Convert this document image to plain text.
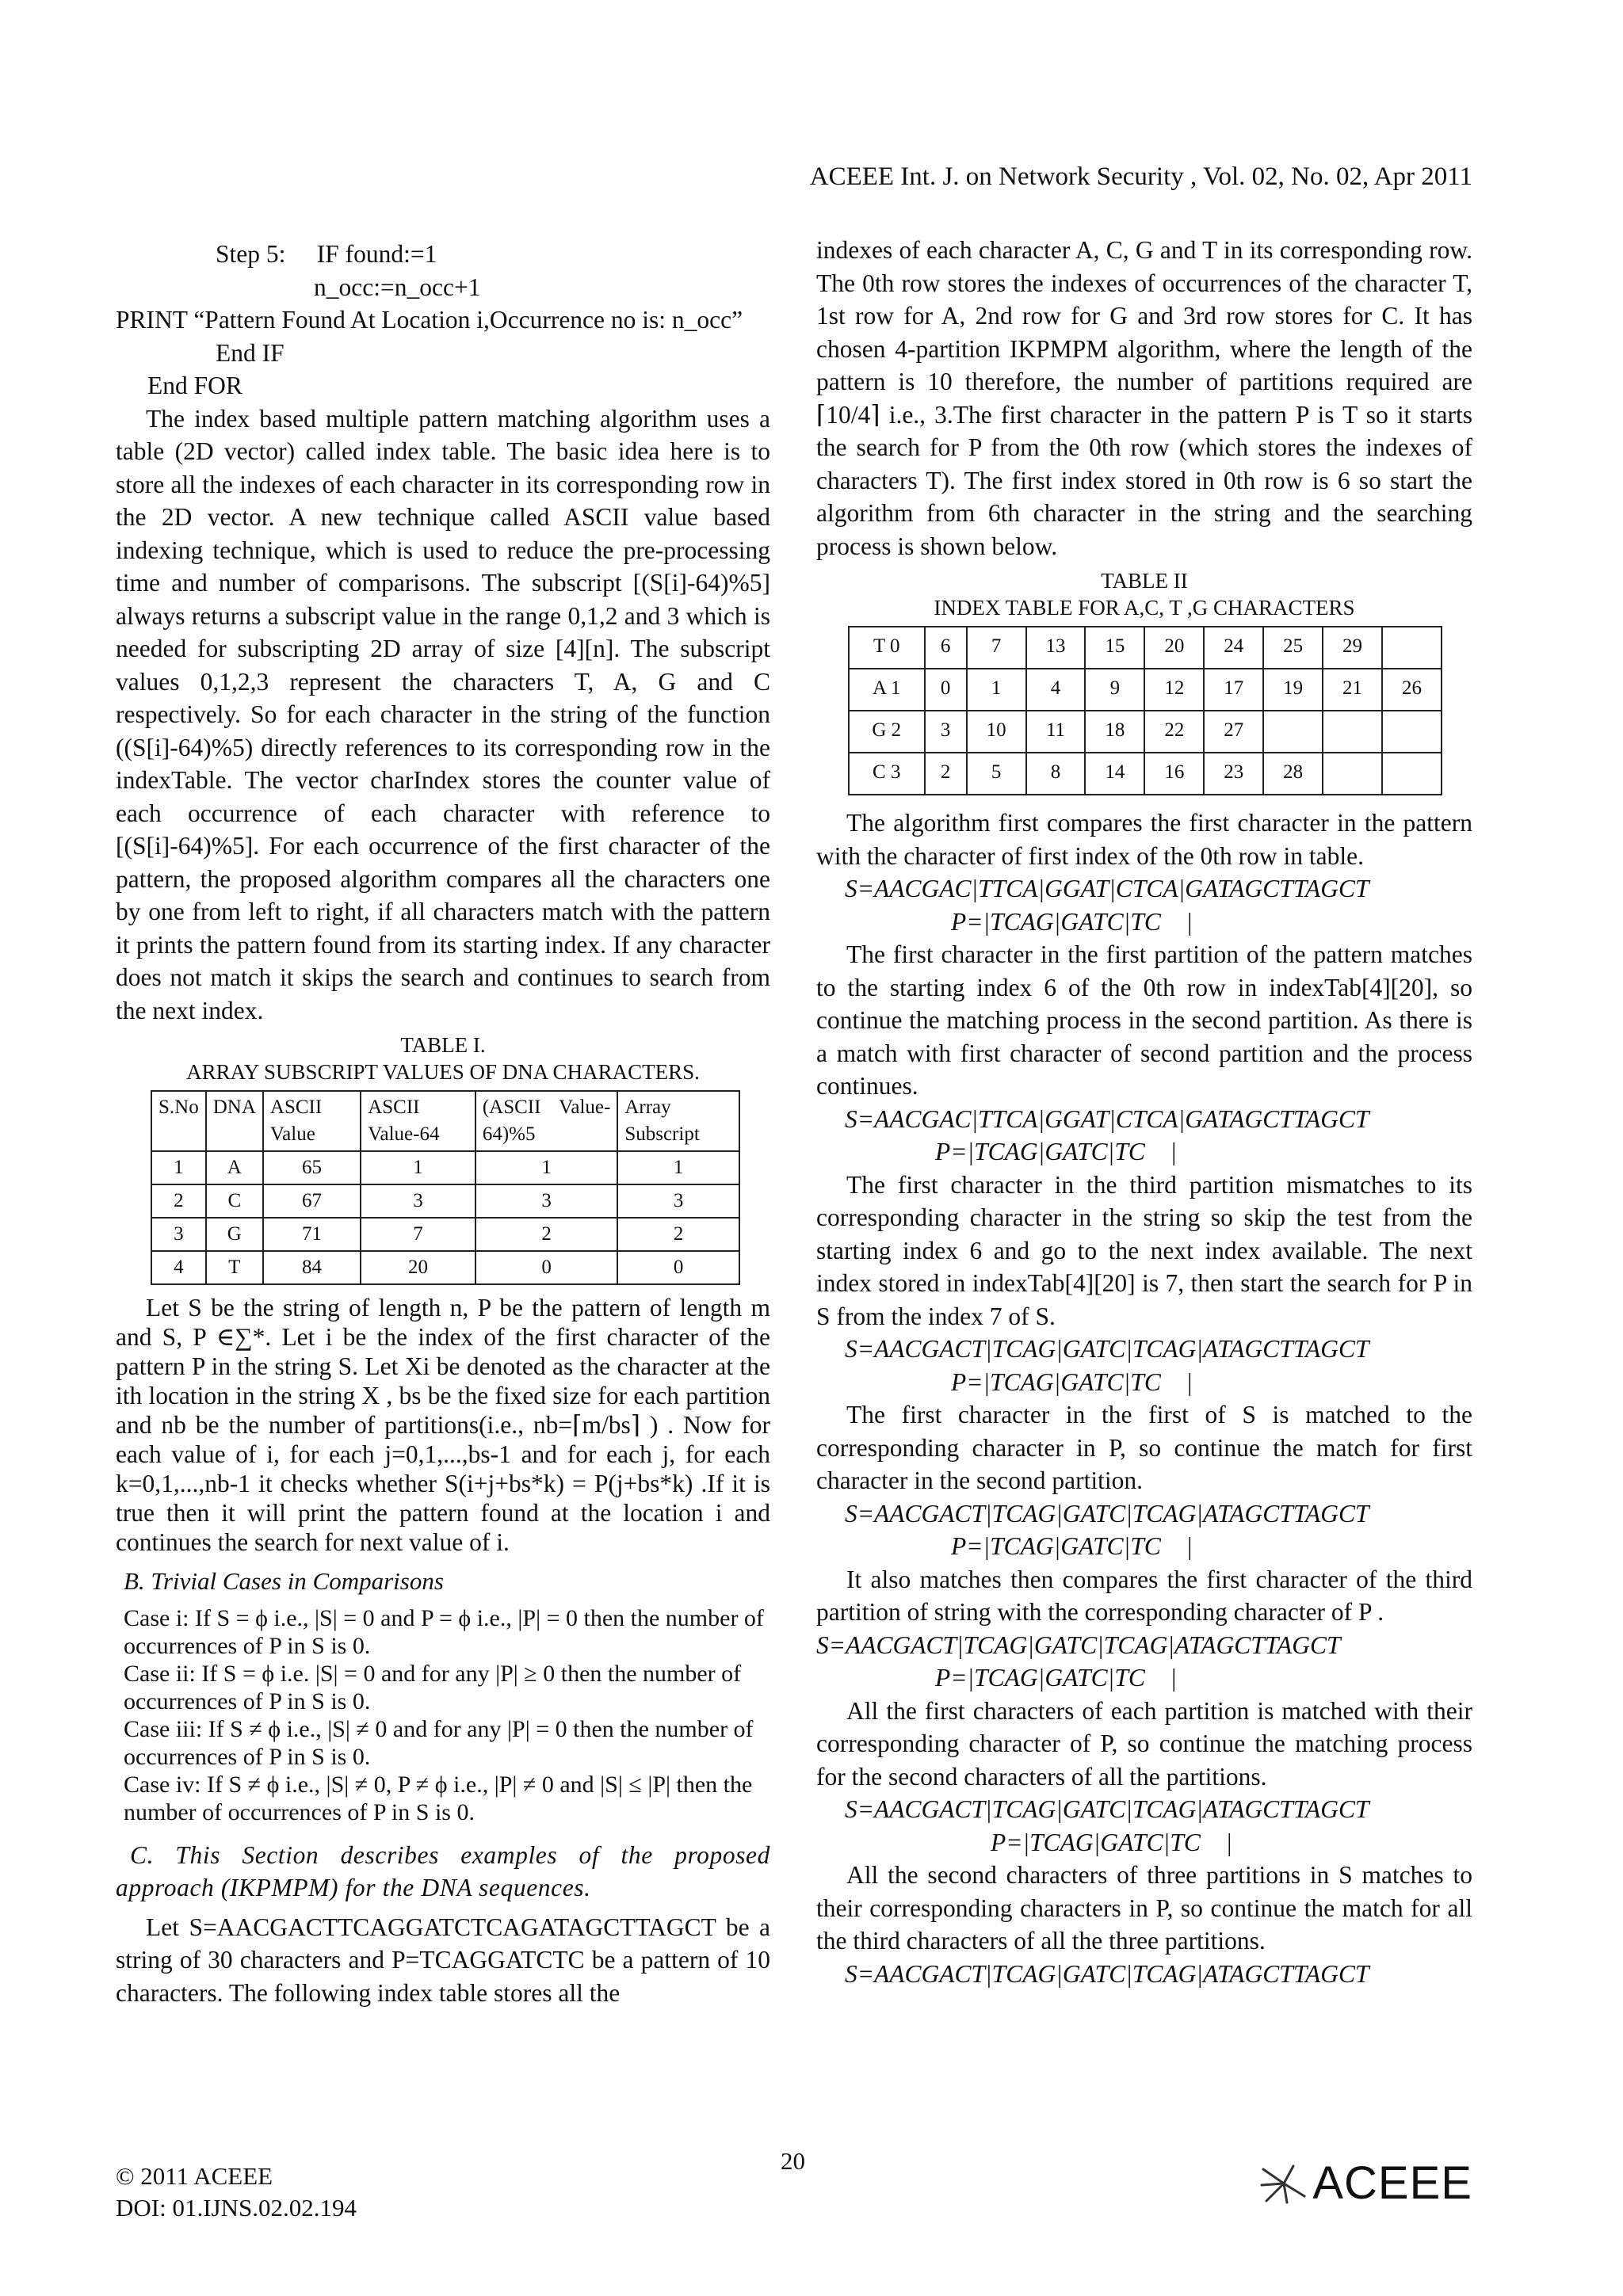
ACEEE Int. J. on Network Security , Vol. 02, No. 02, Apr 2011

Step 5:     IF found:=1

n_occ:=n_occ+1

PRINT “Pattern Found At Location i,Occurrence no is: n_occ”

End IF

End FOR

The index based multiple pattern matching algorithm uses a table (2D vector) called index table. The basic idea here is to store all the indexes of each character in its corresponding row in the 2D vector. A new technique called ASCII value based indexing technique, which is used to reduce the pre-processing time and number of comparisons. The subscript [(S[i]-64)%5] always returns a subscript value in the range 0,1,2 and 3 which is needed for subscripting 2D array of size [4][n]. The subscript values 0,1,2,3 represent the characters T, A, G and C respectively. So for each character in the string of the function ((S[i]-64)%5) directly references to its corresponding row in the indexTable. The vector charIndex stores the counter value of each occurrence of each character with reference to [(S[i]-64)%5]. For each occurrence of the first character of the pattern, the proposed algorithm compares all the characters one by one from left to right, if all characters match with the pattern it prints the pattern found from its starting index. If any character does not match it skips the search and continues to search from the next index.

TABLE I.
ARRAY SUBSCRIPT VALUES OF DNA CHARACTERS.
S.No	DNA	ASCII Value	ASCII Value-64	(ASCII Value-64)%5	Array Subscript
1	A	65	1	1	1
2	C	67	3	3	3
3	G	71	7	2	2
4	T	84	20	0	0

Let S be the string of length n, P be the pattern of length m and S, P ∈∑*. Let i be the index of the first character of the pattern P in the string S. Let Xi be denoted as the character at the ith location in the string X , bs be the fixed size for each partition and nb be the number of partitions(i.e., nb=⌈m/bs⌉ ) . Now for each value of i, for each j=0,1,...,bs-1 and for each j, for each k=0,1,...,nb-1 it checks whether S(i+j+bs*k) = P(j+bs*k) .If it is true then it will print the pattern found at the location i and continues the search for next value of i.

B. Trivial Cases in Comparisons

Case i: If S = ϕ i.e., |S| = 0 and P = ϕ i.e., |P| = 0 then the number of occurrences of P in S is 0.

Case ii: If S = ϕ i.e. |S| = 0 and for any |P| ≥ 0 then the number of occurrences of P in S is 0.

Case iii: If S ≠ ϕ i.e., |S| ≠ 0 and for any |P| = 0 then the number of occurrences of P in S is 0.

Case iv: If S ≠ ϕ i.e., |S| ≠ 0, P ≠ ϕ i.e., |P| ≠ 0 and |S| ≤ |P| then the number of occurrences of P in S is 0.

C. This Section describes examples of the proposed approach (IKPMPM) for the DNA sequences.

Let S=AACGACTTCAGGATCTCAGATAGCTTAGCT be a string of 30 characters and P=TCAGGATCTC be a pattern of 10 characters. The following index table stores all the

indexes of each character A, C, G and T in its corresponding row. The 0th row stores the indexes of occurrences of the character T, 1st row for A, 2nd row for G and 3rd row stores for C. It has chosen 4-partition IKPMPM algorithm, where the length of the pattern is 10 therefore, the number of partitions required are ⌈10/4⌉ i.e., 3.The first character in the pattern P is T so it starts the search for P from the 0th row (which stores the indexes of characters T). The first index stored in 0th row is 6 so start the algorithm from 6th character in the string and the searching process is shown below.

TABLE II
INDEX TABLE FOR A,C, T ,G CHARACTERS
T 0	6	7	13	15	20	24	25	29	
A 1	0	1	4	9	12	17	19	21	26
G 2	3	10	11	18	22	27			
C 3	2	5	8	14	16	23	28		

The algorithm first compares the first character in the pattern with the character of first index of the 0th row in table.

S=AACGAC|TTCA|GGAT|CTCA|GATAGCTTAGCT

P=|TCAG|GATC|TC    |

The first character in the first partition of the pattern matches to the starting index 6 of the 0th row in indexTab[4][20], so continue the matching process in the second partition. As there is a match with first character of second partition and the process continues.

S=AACGAC|TTCA|GGAT|CTCA|GATAGCTTAGCT

P=|TCAG|GATC|TC    |

The first character in the third partition mismatches to its corresponding character in the string so skip the test from the starting index 6 and go to the next index available. The next index stored in indexTab[4][20] is 7, then start the search for P in S from the index 7 of S.

S=AACGACT|TCAG|GATC|TCAG|ATAGCTTAGCT

P=|TCAG|GATC|TC    |

The first character in the first of S is matched to the corresponding character in P, so continue the match for first character in the second partition.

S=AACGACT|TCAG|GATC|TCAG|ATAGCTTAGCT

P=|TCAG|GATC|TC    |

It also matches then compares the first character of the third partition of string with the corresponding character of P .

S=AACGACT|TCAG|GATC|TCAG|ATAGCTTAGCT

P=|TCAG|GATC|TC    |

All the first characters of each partition is matched with their corresponding character of P, so continue the matching process for the second characters of all the partitions.

S=AACGACT|TCAG|GATC|TCAG|ATAGCTTAGCT

P=|TCAG|GATC|TC    |

All the second characters of three partitions in S matches to their corresponding characters in P, so continue the match for all the third characters of all the three partitions.

S=AACGACT|TCAG|GATC|TCAG|ATAGCTTAGCT

© 2011 ACEEE
DOI: 01.IJNS.02.02.194
20	ACEEE
